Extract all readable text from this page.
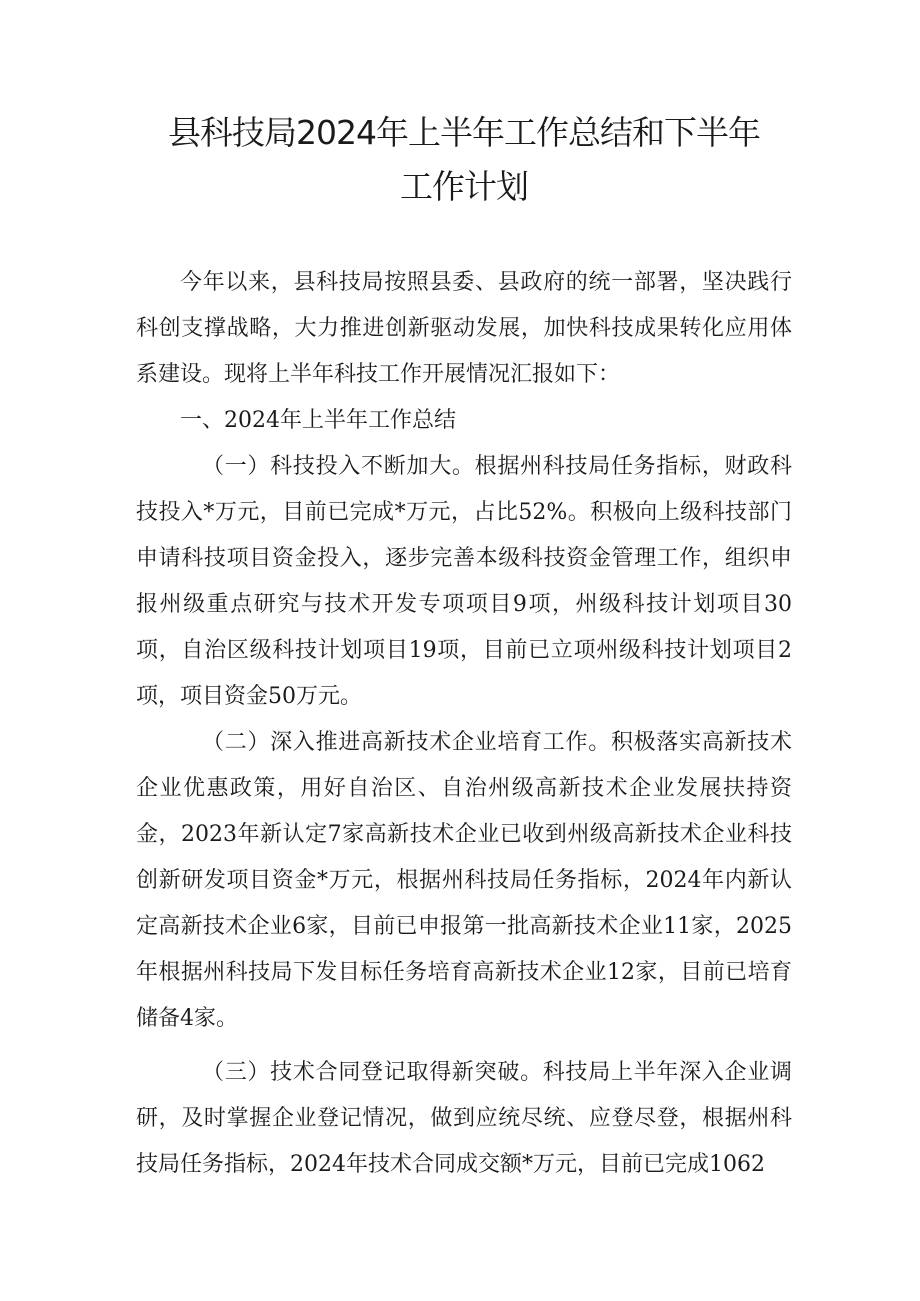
县科技局2024年上半年工作总结和下半年
工作计划

今年以来，县科技局按照县委、县政府的统一部署，坚决践行科创支撑战略，大力推进创新驱动发展，加快科技成果转化应用体系建设。现将上半年科技工作开展情况汇报如下：

一、2024年上半年工作总结

（一）科技投入不断加大。根据州科技局任务指标，财政科技投入*万元，目前已完成*万元，占比52%。积极向上级科技部门申请科技项目资金投入，逐步完善本级科技资金管理工作，组织申报州级重点研究与技术开发专项项目9项，州级科技计划项目30项，自治区级科技计划项目19项，目前已立项州级科技计划项目2项，项目资金50万元。

（二）深入推进高新技术企业培育工作。积极落实高新技术企业优惠政策，用好自治区、自治州级高新技术企业发展扶持资金，2023年新认定7家高新技术企业已收到州级高新技术企业科技创新研发项目资金*万元，根据州科技局任务指标，2024年内新认定高新技术企业6家，目前已申报第一批高新技术企业11家，2025年根据州科技局下发目标任务培育高新技术企业12家，目前已培育储备4家。

（三）技术合同登记取得新突破。科技局上半年深入企业调研，及时掌握企业登记情况，做到应统尽统、应登尽登，根据州科技局任务指标，2024年技术合同成交额*万元，目前已完成1062
